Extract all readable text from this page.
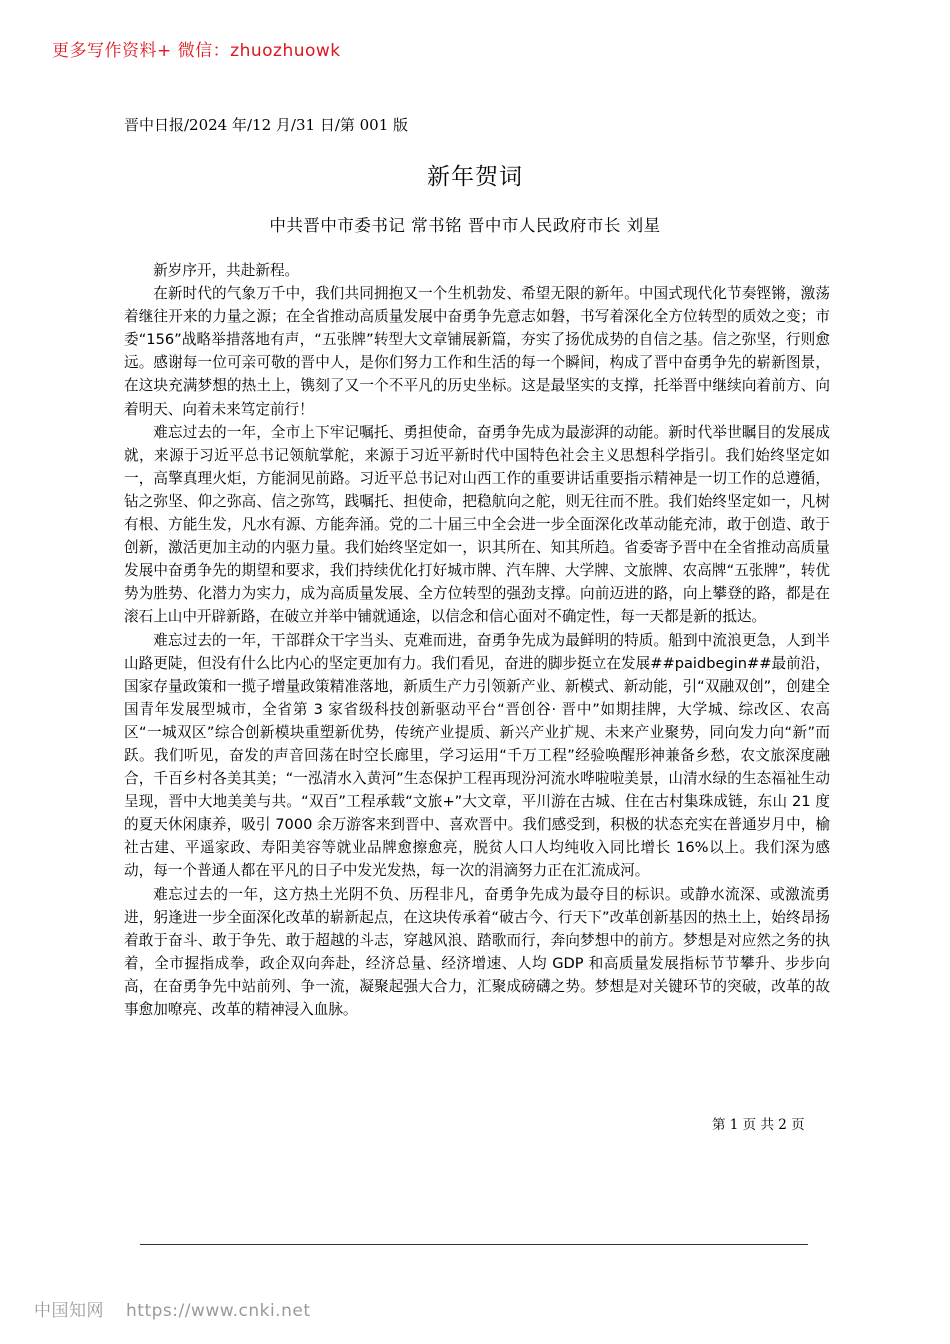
更多写作资料+ 微信：zhuozhuowk
晋中日报/2024 年/12 月/31 日/第 001 版
新年贺词
中共晋中市委书记 常书铭 晋中市人民政府市长 刘星

新岁序开，共赴新程。

在新时代的气象万千中，我们共同拥抱又一个生机勃发、希望无限的新年。中国式现代化节奏铿锵，激荡着继往开来的力量之源；在全省推动高质量发展中奋勇争先意志如磐，书写着深化全方位转型的质效之变；市委“156”战略举措落地有声，“五张牌”转型大文章铺展新篇，夯实了扬优成势的自信之基。信之弥坚，行则愈远。感谢每一位可亲可敬的晋中人，是你们努力工作和生活的每一个瞬间，构成了晋中奋勇争先的崭新图景，在这块充满梦想的热土上，镌刻了又一个不平凡的历史坐标。这是最坚实的支撑，托举晋中继续向着前方、向着明天、向着未来笃定前行！

难忘过去的一年，全市上下牢记嘱托、勇担使命，奋勇争先成为最澎湃的动能。新时代举世瞩目的发展成就，来源于习近平总书记领航掌舵，来源于习近平新时代中国特色社会主义思想科学指引。我们始终坚定如一，高擎真理火炬，方能洞见前路。习近平总书记对山西工作的重要讲话重要指示精神是一切工作的总遵循，钻之弥坚、仰之弥高、信之弥笃，践嘱托、担使命，把稳航向之舵，则无往而不胜。我们始终坚定如一，凡树有根、方能生发，凡水有源、方能奔涌。党的二十届三中全会进一步全面深化改革动能充沛，敢于创造、敢于创新，激活更加主动的内驱力量。我们始终坚定如一，识其所在、知其所趋。省委寄予晋中在全省推动高质量发展中奋勇争先的期望和要求，我们持续优化打好城市牌、汽车牌、大学牌、文旅牌、农高牌“五张牌”，转优势为胜势、化潜力为实力，成为高质量发展、全方位转型的强劲支撑。向前迈进的路，向上攀登的路，都是在滚石上山中开辟新路，在破立并举中铺就通途，以信念和信心面对不确定性，每一天都是新的抵达。

难忘过去的一年，干部群众干字当头、克难而进，奋勇争先成为最鲜明的特质。船到中流浪更急，人到半山路更陡，但没有什么比内心的坚定更加有力。我们看见，奋进的脚步挺立在发展##paidbegin##最前沿，国家存量政策和一揽子增量政策精准落地，新质生产力引领新产业、新模式、新动能，引“双融双创”，创建全国青年发展型城市，全省第 3 家省级科技创新驱动平台“晋创谷· 晋中”如期挂牌，大学城、综改区、农高区“一城双区”综合创新模块重塑新优势，传统产业提质、新兴产业扩规、未来产业聚势，同向发力向“新”而跃。我们听见，奋发的声音回荡在时空长廊里，学习运用“千万工程”经验唤醒形神兼备乡愁，农文旅深度融合，千百乡村各美其美；“一泓清水入黄河”生态保护工程再现汾河流水哗啦啦美景，山清水绿的生态福祉生动呈现，晋中大地美美与共。“双百”工程承载“文旅+”大文章，平川游在古城、住在古村集珠成链，东山 21 度的夏天休闲康养，吸引 7000 余万游客来到晋中、喜欢晋中。我们感受到，积极的状态充实在普通岁月中，榆社古建、平遥家政、寿阳美容等就业品牌愈擦愈亮，脱贫人口人均纯收入同比增长 16%以上。我们深为感动，每一个普通人都在平凡的日子中发光发热，每一次的涓滴努力正在汇流成河。

难忘过去的一年，这方热土光阴不负、历程非凡，奋勇争先成为最夺目的标识。或静水流深、或激流勇进，躬逢进一步全面深化改革的崭新起点，在这块传承着“破古今、行天下”改革创新基因的热土上，始终昂扬着敢于奋斗、敢于争先、敢于超越的斗志，穿越风浪、踏歌而行，奔向梦想中的前方。梦想是对应然之务的执着，全市握指成拳，政企双向奔赴，经济总量、经济增速、人均 GDP 和高质量发展指标节节攀升、步步向高，在奋勇争先中站前列、争一流，凝聚起强大合力，汇聚成磅礴之势。梦想是对关键环节的突破，改革的故事愈加嘹亮、改革的精神浸入血脉。

第 1 页 共 2 页
中国知网 https://www.cnki.net
